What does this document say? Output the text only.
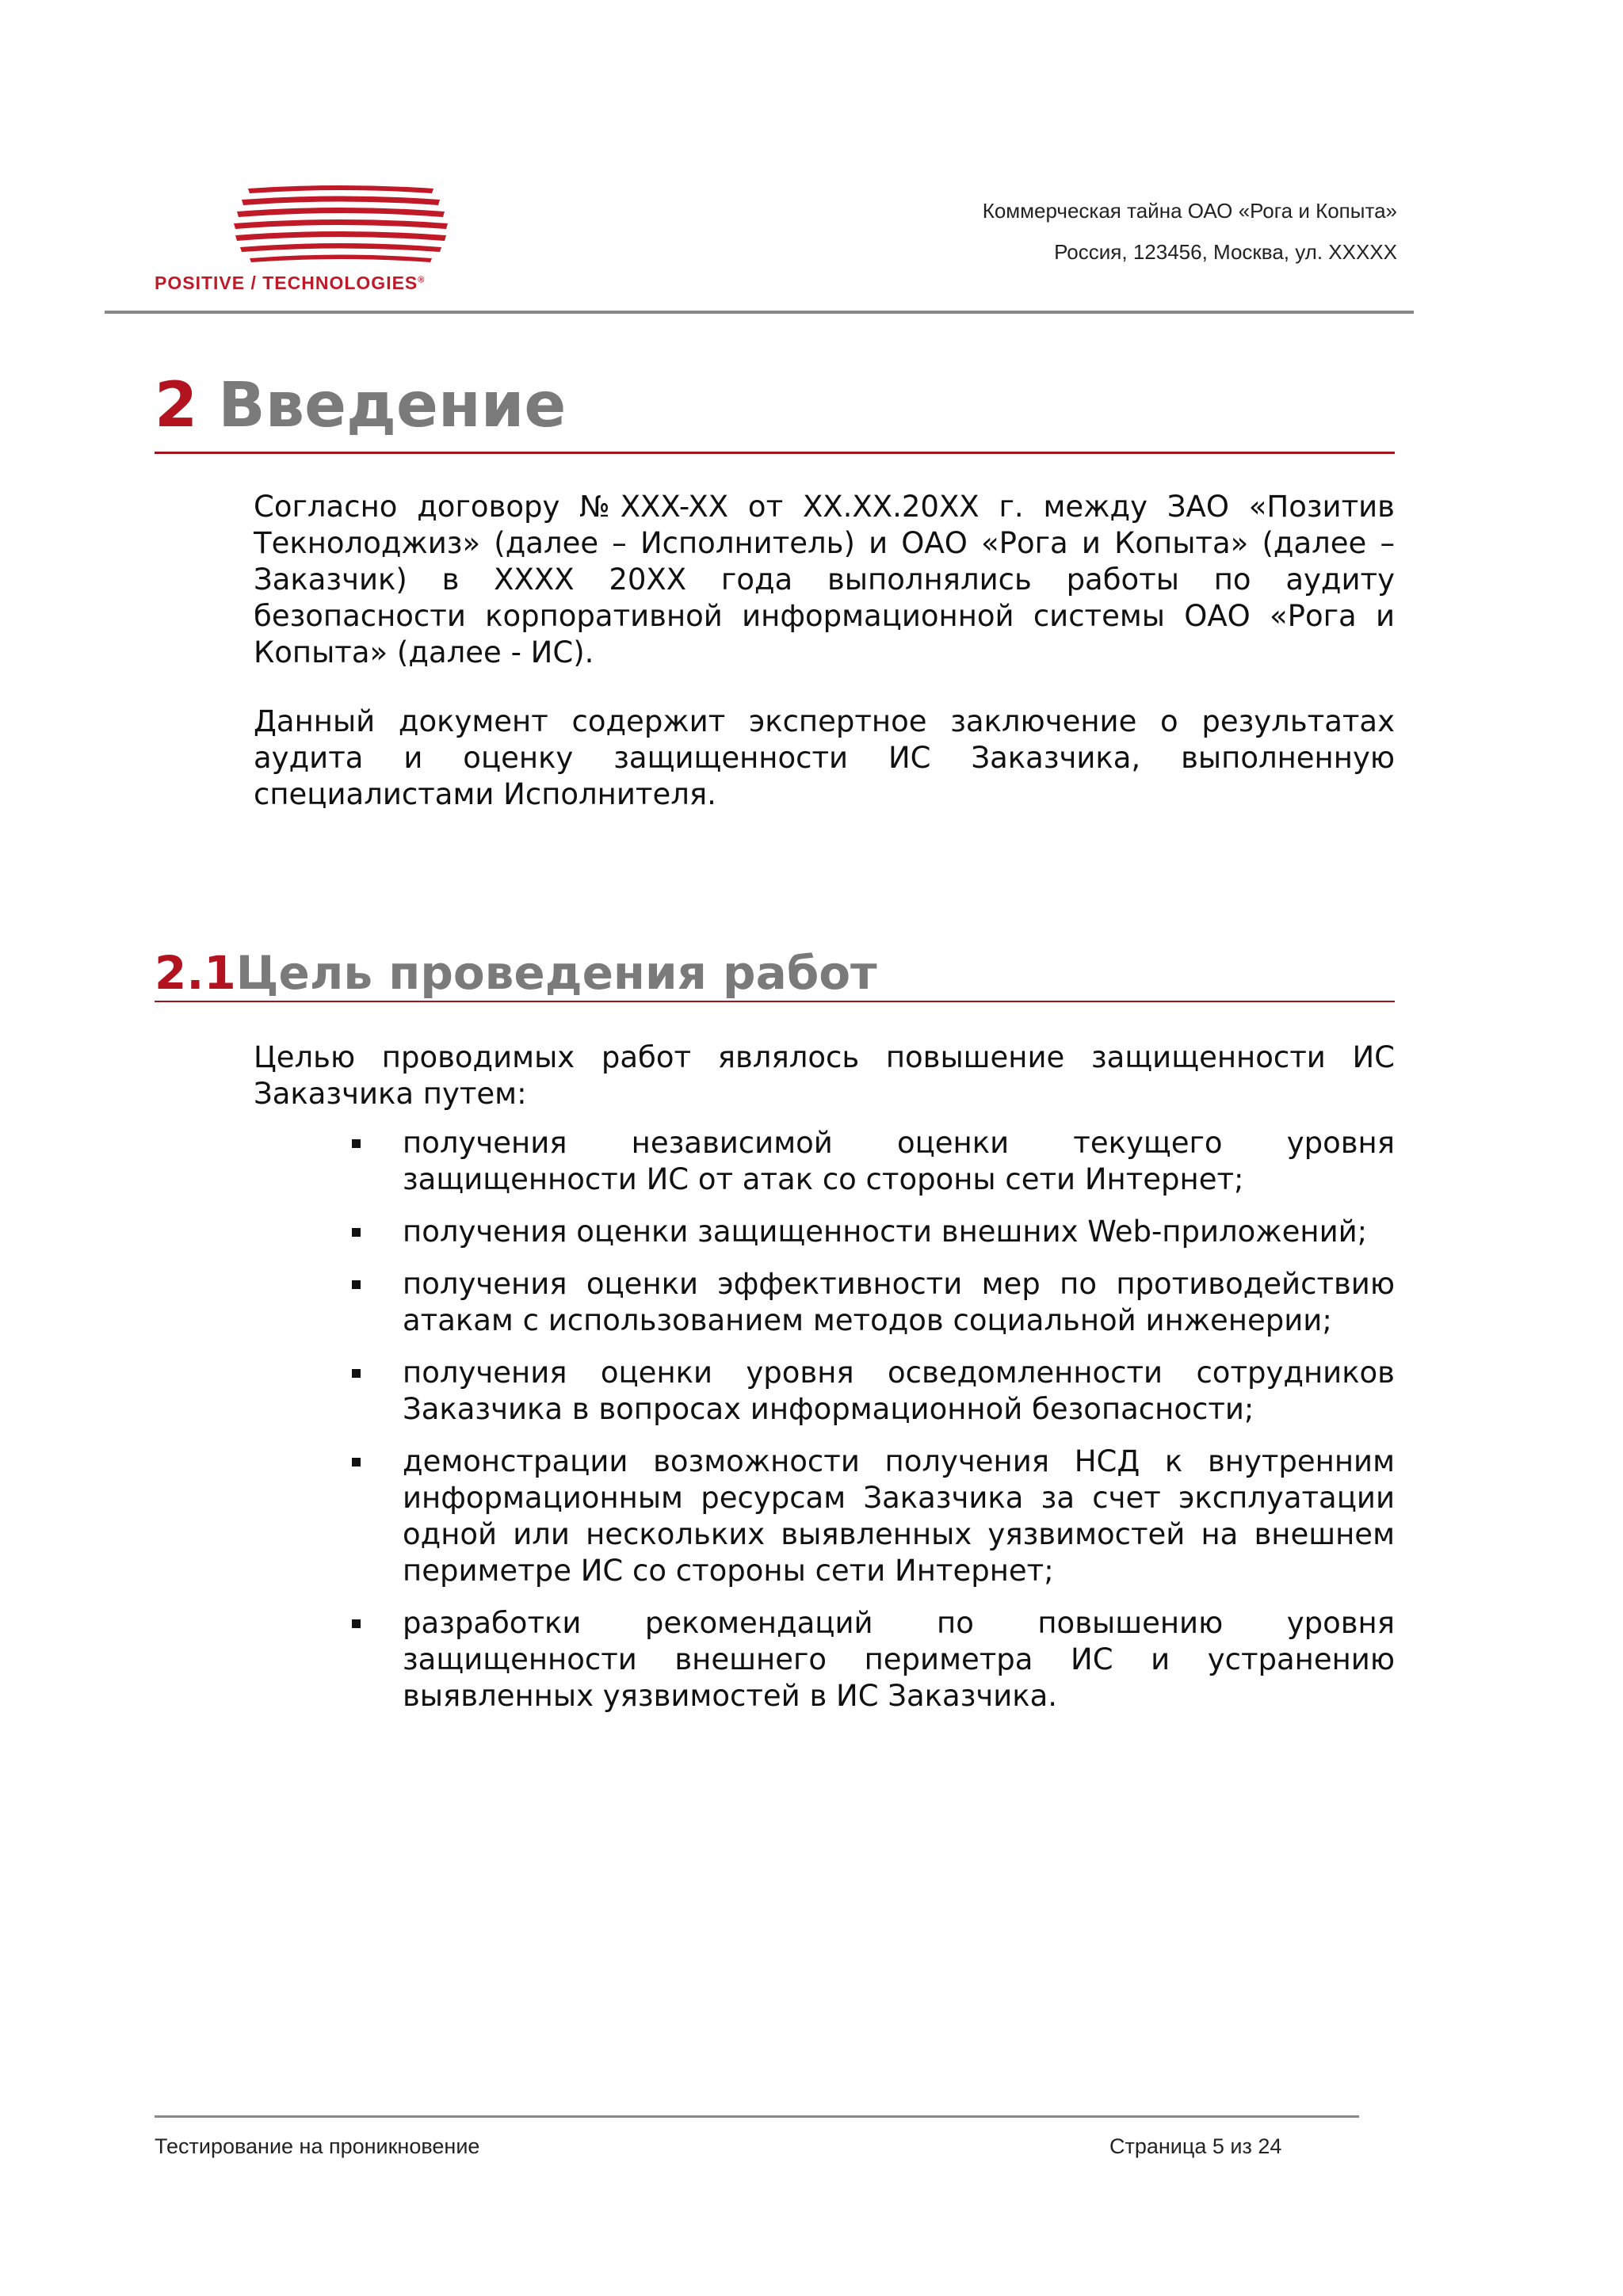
POSITIVE / TECHNOLOGIES®
Коммерческая тайна ОАО «Рога и Копыта»
Россия, 123456, Москва, ул. ХХХХХ
2 Введение

Согласно договору №XXX-XX от XX.XX.20XX г. между ЗАО «Позитив Текнолоджиз» (далее – Исполнитель) и ОАО «Рога и Копыта» (далее – Заказчик) в XXXX 20XX года выполнялись работы по аудиту безопасности корпоративной информационной системы ОАО «Рога и Копыта» (далее - ИС).

Данный документ содержит экспертное заключение о результатах аудита и оценку защищенности ИС Заказчика, выполненную специалистами Исполнителя.

2.1Цель проведения работ

Целью проводимых работ являлось повышение защищенности ИС Заказчика путем:

получения независимой оценки текущего уровня защищенности ИС от атак со стороны сети Интернет;
получения оценки защищенности внешних Web-приложений;
получения оценки эффективности мер по противодействию атакам с использованием методов социальной инженерии;
получения оценки уровня осведомленности сотрудников Заказчика в вопросах информационной безопасности;
демонстрации возможности получения НСД к внутренним информационным ресурсам Заказчика за счет эксплуатации одной или нескольких выявленных уязвимостей на внешнем периметре ИС со стороны сети Интернет;
разработки рекомендаций по повышению уровня защищенности внешнего периметра ИС и устранению выявленных уязвимостей в ИС Заказчика.
Тестирование на проникновение	Страница 5 из 24
